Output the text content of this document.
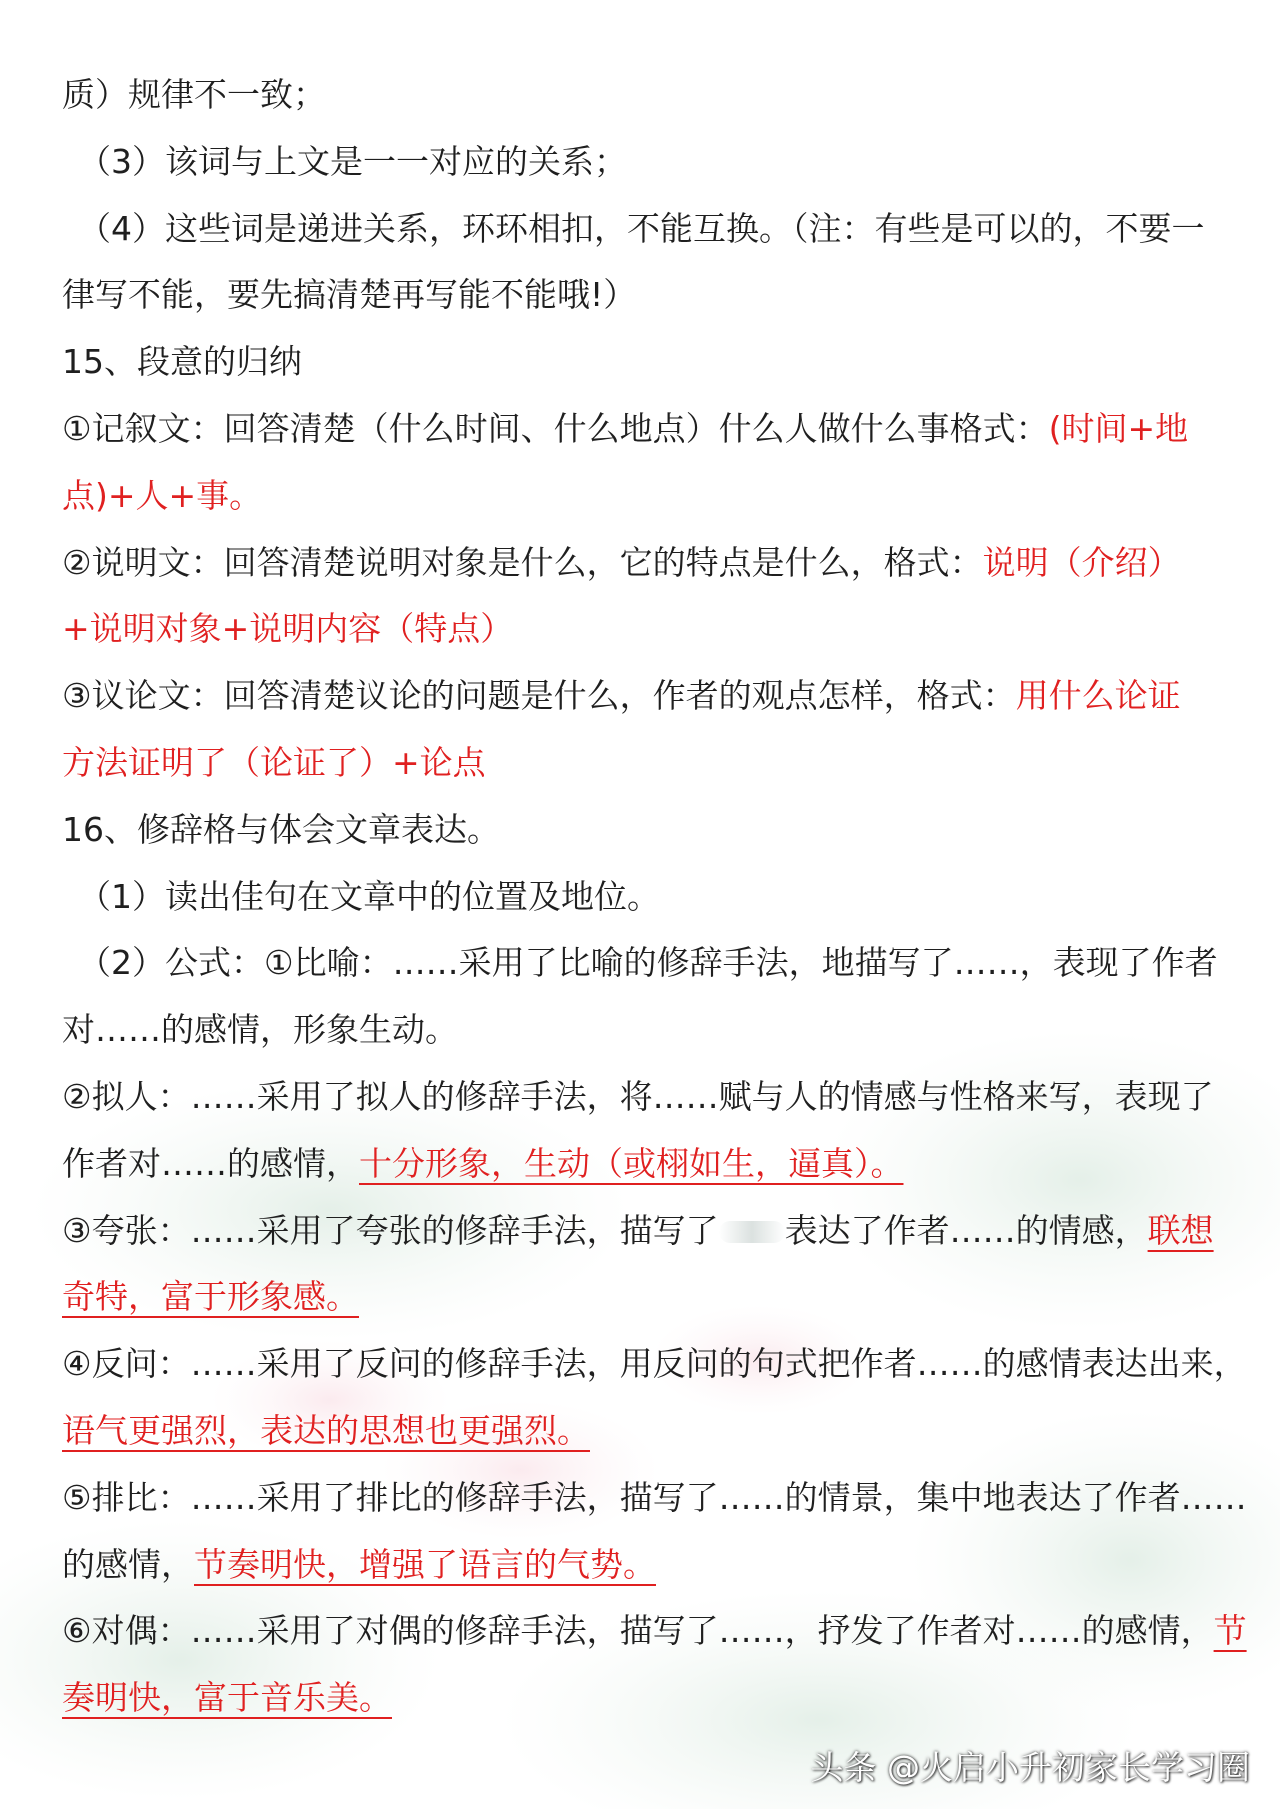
质）规律不一致；
（3）该词与上文是一一对应的关系；
（4）这些词是递进关系，环环相扣，不能互换。（注：有些是可以的，不要一
律写不能，要先搞清楚再写能不能哦!）
15、段意的归纳
①记叙文：回答清楚（什么时间、什么地点）什么人做什么事格式：(时间+地
点)+人+事。
②说明文：回答清楚说明对象是什么，它的特点是什么，格式：说明（介绍）
+说明对象+说明内容（特点）
③议论文：回答清楚议论的问题是什么，作者的观点怎样，格式：用什么论证
方法证明了（论证了）+论点
16、修辞格与体会文章表达。
（1）读出佳句在文章中的位置及地位。
（2）公式：①比喻：……采用了比喻的修辞手法，地描写了……，表现了作者
对……的感情，形象生动。
②拟人：……采用了拟人的修辞手法，将……赋与人的情感与性格来写，表现了
作者对……的感情，十分形象，生动（或栩如生，逼真）。
③夸张：……采用了夸张的修辞手法，描写了 表达了作者……的情感，联想
奇特，富于形象感。
④反问：……采用了反问的修辞手法，用反问的句式把作者……的感情表达出来，
语气更强烈，表达的思想也更强烈。
⑤排比：……采用了排比的修辞手法，描写了……的情景，集中地表达了作者……
的感情，节奏明快，增强了语言的气势。
⑥对偶：……采用了对偶的修辞手法，描写了……，抒发了作者对……的感情，节
奏明快，富于音乐美。
头条 @火启小升初家长学习圈
